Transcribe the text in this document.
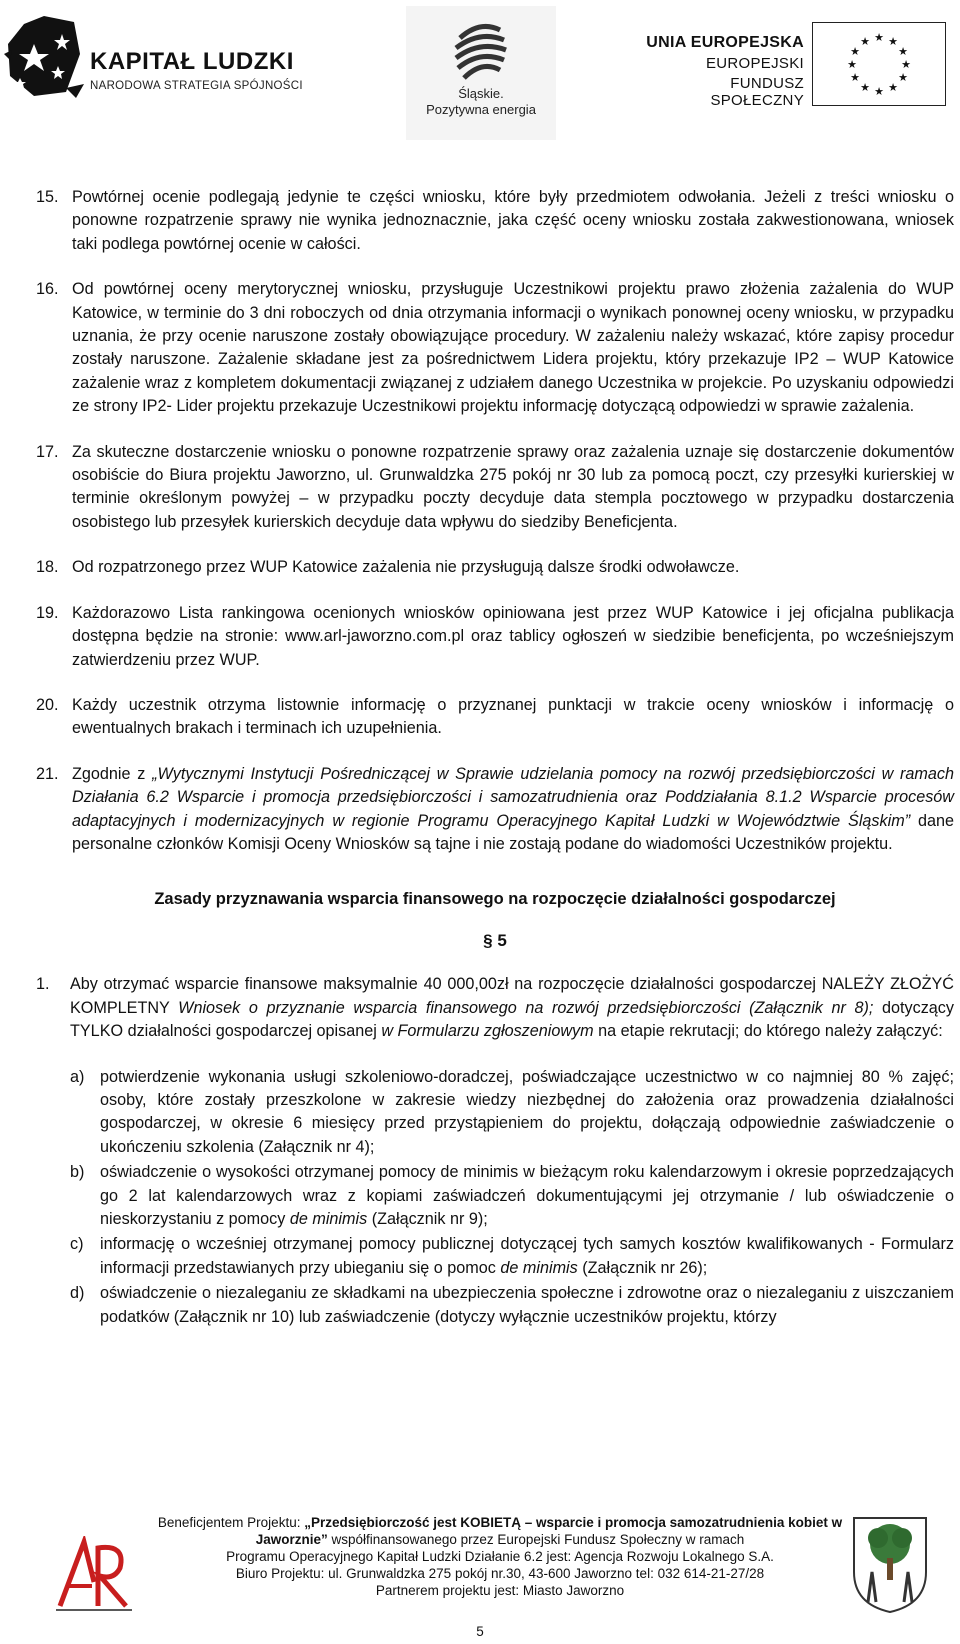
KAPITAŁ LUDZKI
NARODOWA STRATEGIA SPÓJNOŚCI	Śląskie.
Pozytywna energia
UNIA EUROPEJSKA
EUROPEJSKI
FUNDUSZ SPOŁECZNY
★ ★
★
★
★
★
★
★
★
★
★
★
15. Powtórnej ocenie podlegają jedynie te części wniosku, które były przedmiotem odwołania. Jeżeli z treści wniosku o ponowne rozpatrzenie sprawy nie wynika jednoznacznie, jaka część oceny wniosku została zakwestionowana, wniosek taki podlega powtórnej ocenie w całości.
16. Od powtórnej oceny merytorycznej wniosku, przysługuje Uczestnikowi projektu prawo złożenia zażalenia do WUP Katowice, w terminie do 3 dni roboczych od dnia otrzymania informacji o wynikach ponownej oceny wniosku, w przypadku uznania, że przy ocenie naruszone zostały obowiązujące procedury. W zażaleniu należy wskazać, które zapisy procedur zostały naruszone. Zażalenie składane jest za pośrednictwem Lidera projektu, który przekazuje IP2 – WUP Katowice zażalenie wraz z kompletem dokumentacji związanej z udziałem danego Uczestnika w projekcie. Po uzyskaniu odpowiedzi ze strony IP2- Lider projektu przekazuje Uczestnikowi projektu informację dotyczącą odpowiedzi w sprawie zażalenia.
17. Za skuteczne dostarczenie wniosku o ponowne rozpatrzenie sprawy oraz zażalenia uznaje się dostarczenie dokumentów osobiście do Biura projektu Jaworzno, ul. Grunwaldzka 275 pokój nr 30 lub za pomocą poczt, czy przesyłki kurierskiej w terminie określonym powyżej – w przypadku poczty decyduje data stempla pocztowego w przypadku dostarczenia osobistego lub przesyłek kurierskich decyduje data wpływu do siedziby Beneficjenta.
18. Od rozpatrzonego przez WUP Katowice zażalenia nie przysługują dalsze środki odwoławcze.
19. Każdorazowo Lista rankingowa ocenionych wniosków opiniowana jest przez WUP Katowice i jej oficjalna publikacja dostępna będzie na stronie: www.arl-jaworzno.com.pl oraz tablicy ogłoszeń w siedzibie beneficjenta, po wcześniejszym zatwierdzeniu przez WUP.
20. Każdy uczestnik otrzyma listownie informację o przyznanej punktacji w trakcie oceny wniosków i informację o ewentualnych brakach i terminach ich uzupełnienia.
21. Zgodnie z „Wytycznymi Instytucji Pośredniczącej w Sprawie udzielania pomocy na rozwój przedsiębiorczości w ramach Działania 6.2 Wsparcie i promocja przedsiębiorczości i samozatrudnienia oraz Poddziałania 8.1.2 Wsparcie procesów adaptacyjnych i modernizacyjnych w regionie Programu Operacyjnego Kapitał Ludzki w Województwie Śląskim” dane personalne członków Komisji Oceny Wniosków są tajne i nie zostają podane do wiadomości Uczestników projektu.
Zasady przyznawania wsparcia finansowego na rozpoczęcie działalności gospodarczej
§ 5
1. Aby otrzymać wsparcie finansowe maksymalnie 40 000,00zł na rozpoczęcie działalności gospodarczej NALEŻY ZŁOŻYĆ KOMPLETNY Wniosek o przyznanie wsparcia finansowego na rozwój przedsiębiorczości (Załącznik nr 8); dotyczący TYLKO działalności gospodarczej opisanej w Formularzu zgłoszeniowym na etapie rekrutacji; do którego należy załączyć:
a) potwierdzenie wykonania usługi szkoleniowo-doradczej, poświadczające uczestnictwo w co najmniej 80 % zajęć; osoby, które zostały przeszkolone w zakresie wiedzy niezbędnej do założenia oraz prowadzenia działalności gospodarczej, w okresie 6 miesięcy przed przystąpieniem do projektu, dołączają odpowiednie zaświadczenie o ukończeniu szkolenia (Załącznik nr 4);
b) oświadczenie o wysokości otrzymanej pomocy de minimis w bieżącym roku kalendarzowym i okresie poprzedzających go 2 lat kalendarzowych wraz z kopiami zaświadczeń dokumentującymi jej otrzymanie / lub oświadczenie o nieskorzystaniu z pomocy de minimis (Załącznik nr 9);
c) informację o wcześniej otrzymanej pomocy publicznej dotyczącej tych samych kosztów kwalifikowanych - Formularz informacji przedstawianych przy ubieganiu się o pomoc de minimis (Załącznik nr 26);
d) oświadczenie o niezaleganiu ze składkami na ubezpieczenia społeczne i zdrowotne oraz o niezaleganiu z uiszczaniem podatków (Załącznik nr 10) lub zaświadczenie (dotyczy wyłącznie uczestników projektu, którzy
Beneficjentem Projektu: „Przedsiębiorczość jest KOBIETĄ – wsparcie i promocja samozatrudnienia kobiet w Jaworznie” współfinansowanego przez Europejski Fundusz Społeczny w ramach
Programu Operacyjnego Kapitał Ludzki Działanie 6.2 jest: Agencja Rozwoju Lokalnego S.A.
Biuro Projektu: ul. Grunwaldzka 275 pokój nr.30, 43-600 Jaworzno tel: 032 614-21-27/28
Partnerem projektu jest: Miasto Jaworzno
5
